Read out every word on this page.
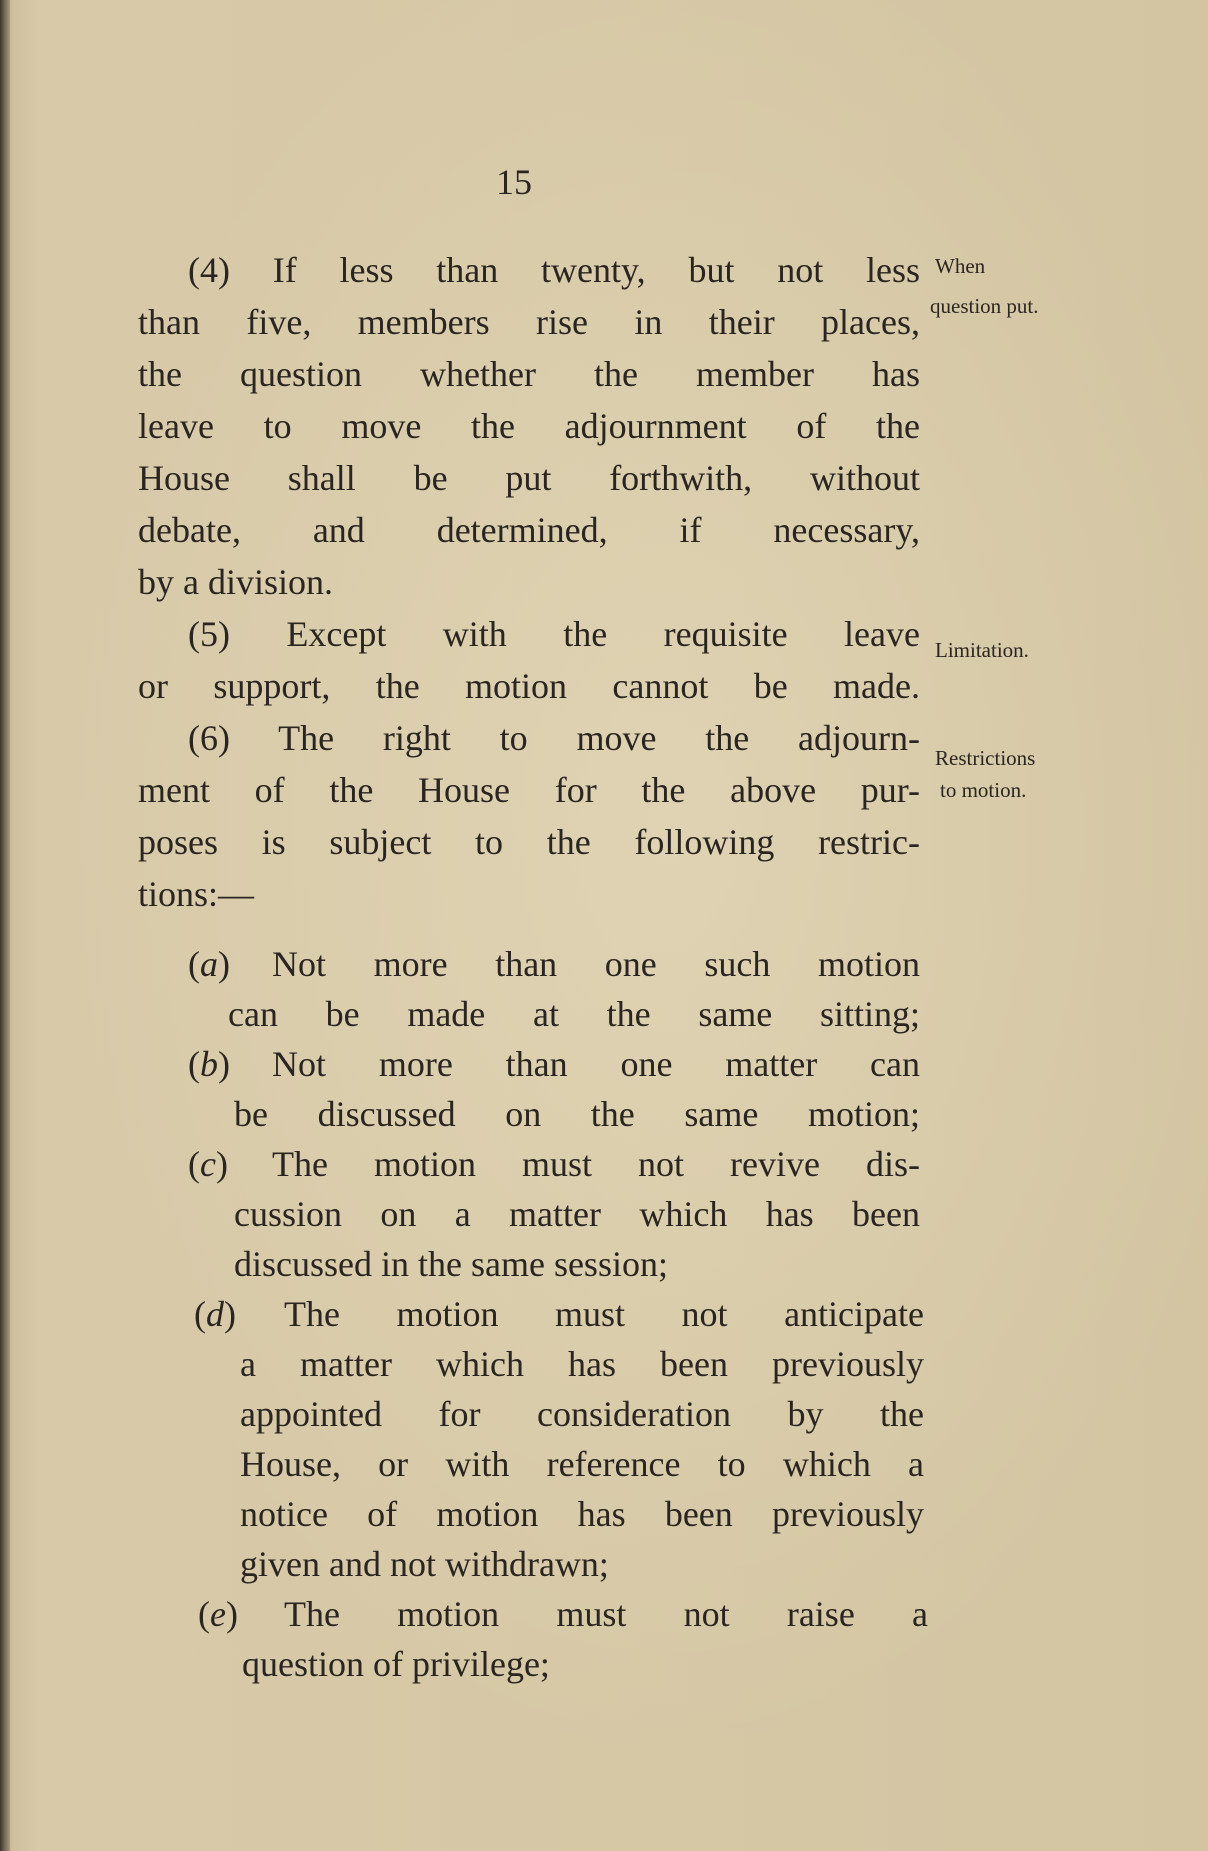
15
(4) If less than twenty, but not less
than five, members rise in their places,
the question whether the member has
leave to move the adjournment of the
House shall be put forthwith, without
debate, and determined, if necessary,
by a division.
(5) Except with the requisite leave
or support, the motion cannot be made.
(6) The right to move the adjourn-
ment of the House for the above pur-
poses is subject to the following restric-
tions:—
(a) Not more than one such motion
can be made at the same sitting;
(b) Not more than one matter can
be discussed on the same motion;
(c) The motion must not revive dis-
cussion on a matter which has been
discussed in the same session;
(d) The motion must not anticipate
a matter which has been previously
appointed for consideration by the
House, or with reference to which a
notice of motion has been previously
given and not withdrawn;
(e) The motion must not raise a
question of privilege;
When
question put.
Limitation.
Restrictions
to motion.
